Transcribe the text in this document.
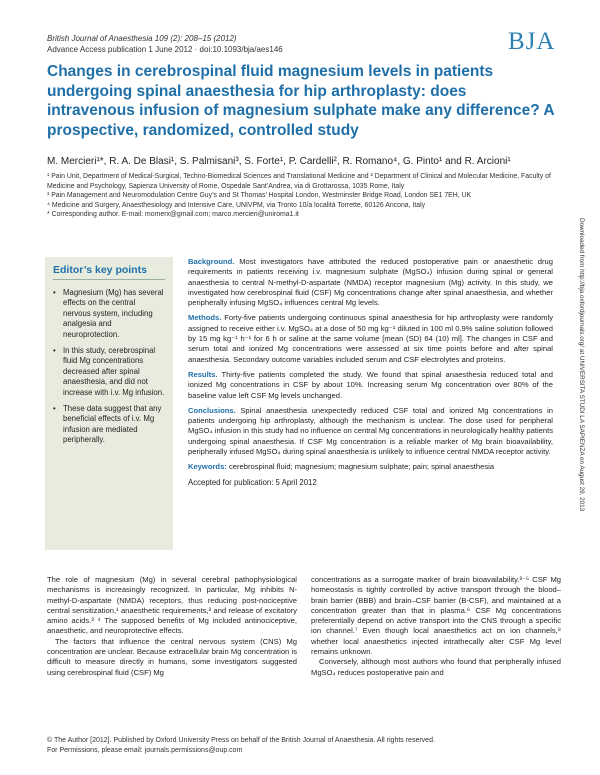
British Journal of Anaesthesia 109 (2): 208–15 (2012)
Advance Access publication 1 June 2012 · doi:10.1093/bja/aes146	BJA
Changes in cerebrospinal fluid magnesium levels in patients undergoing spinal anaesthesia for hip arthroplasty: does intravenous infusion of magnesium sulphate make any difference? A prospective, randomized, controlled study
M. Mercieri¹*, R. A. De Blasi¹, S. Palmisani³, S. Forte¹, P. Cardelli², R. Romano⁴, G. Pinto¹ and R. Arcioni¹

¹ Pain Unit, Department of Medical-Surgical, Techno-Biomedical Sciences and Translational Medicine and ² Department of Clinical and Molecular Medicine, Faculty of Medicine and Psychology, Sapienza University of Rome, Ospedale Sant’Andrea, via di Grottarossa, 1035 Rome, Italy

³ Pain Management and Neuromodulation Centre Guy’s and St Thomas’ Hospital London, Westminster Bridge Road, London SE1 7EH, UK

⁴ Medicine and Surgery, Anaesthesiology and Intensive Care, UNIVPM, via Tronto 10/a località Torrette, 60126 Ancona, Italy

* Corresponding author. E-mail: momerx@gmail.com; marco.mercieri@uniroma1.it

Editor’s key points
• Magnesium (Mg) has several effects on the central nervous system, including analgesia and neuroprotection.
• In this study, cerebrospinal fluid Mg concentrations decreased after spinal anaesthesia, and did not increase with i.v. Mg infusion.
• These data suggest that any beneficial effects of i.v. Mg infusion are mediated peripherally.

Background. Most investigators have attributed the reduced postoperative pain or anaesthetic drug requirements in patients receiving i.v. magnesium sulphate (MgSO₄) infusion during spinal or general anaesthesia to central N-methyl-D-aspartate (NMDA) receptor magnesium (Mg) activity. In this study, we investigated how cerebrospinal fluid (CSF) Mg concentrations change after spinal anaesthesia, and whether peripherally infusing MgSO₄ influences central Mg levels.

Methods. Forty-five patients undergoing continuous spinal anaesthesia for hip arthroplasty were randomly assigned to receive either i.v. MgSO₄ at a dose of 50 mg kg⁻¹ diluted in 100 ml 0.9% saline solution followed by 15 mg kg⁻¹ h⁻¹ for 6 h or saline at the same volume [mean (SD) 64 (10) ml]. The changes in CSF and serum total and ionized Mg concentrations were assessed at six time points before and after spinal anaesthesia. Secondary outcome variables included serum and CSF electrolytes and proteins.

Results. Thirty-five patients completed the study. We found that spinal anaesthesia reduced total and ionized Mg concentrations in CSF by about 10%. Increasing serum Mg concentration over 80% of the baseline value left CSF Mg levels unchanged.

Conclusions. Spinal anaesthesia unexpectedly reduced CSF total and ionized Mg concentrations in patients undergoing hip arthroplasty, although the mechanism is unclear. The dose used for peripheral MgSO₄ infusion in this study had no influence on central Mg concentrations in neurologically healthy patients undergoing spinal anaesthesia. If CSF Mg concentration is a reliable marker of Mg brain bioavailability, peripherally infused MgSO₄ during spinal anaesthesia is unlikely to influence central NMDA receptor activity.

Keywords: cerebrospinal fluid; magnesium; magnesium sulphate; pain; spinal anaesthesia

Accepted for publication: 5 April 2012	Downloaded from http://bja.oxfordjournals.org/ at UNIVERSITA STUDI LA SAPIENZA on August 29, 2013

The role of magnesium (Mg) in several cerebral pathophysiological mechanisms is increasingly recognized. In particular, Mg inhibits N-methyl-D-aspartate (NMDA) receptors, thus reducing post-nociceptive central sensitization,¹ anaesthetic requirements,² and release of excitatory amino acids.³ ⁴ The supposed benefits of Mg included antinociceptive, anaesthetic, and neuroprotective effects.

The factors that influence the central nervous system (CNS) Mg concentration are unclear. Because extracellular brain Mg concentration is difficult to measure directly in humans, some investigators suggested using cerebrospinal fluid (CSF) Mg

concentrations as a surrogate marker of brain bioavailability.³⁻⁵ CSF Mg homeostasis is tightly controlled by active transport through the blood–brain barrier (BBB) and brain–CSF barrier (B-CSF), and maintained at a concentration greater than that in plasma.⁶ CSF Mg concentrations preferentially depend on active transport into the CNS through a specific ion channel.⁷ Even though local anaesthetics act on ion channels,⁸ whether local anaesthetics injected intrathecally alter CSF Mg level remains unknown.

Conversely, although most authors who found that peripherally infused MgSO₄ reduces postoperative pain and

© The Author [2012]. Published by Oxford University Press on behalf of the British Journal of Anaesthesia. All rights reserved.
For Permissions, please email: journals.permissions@oup.com
